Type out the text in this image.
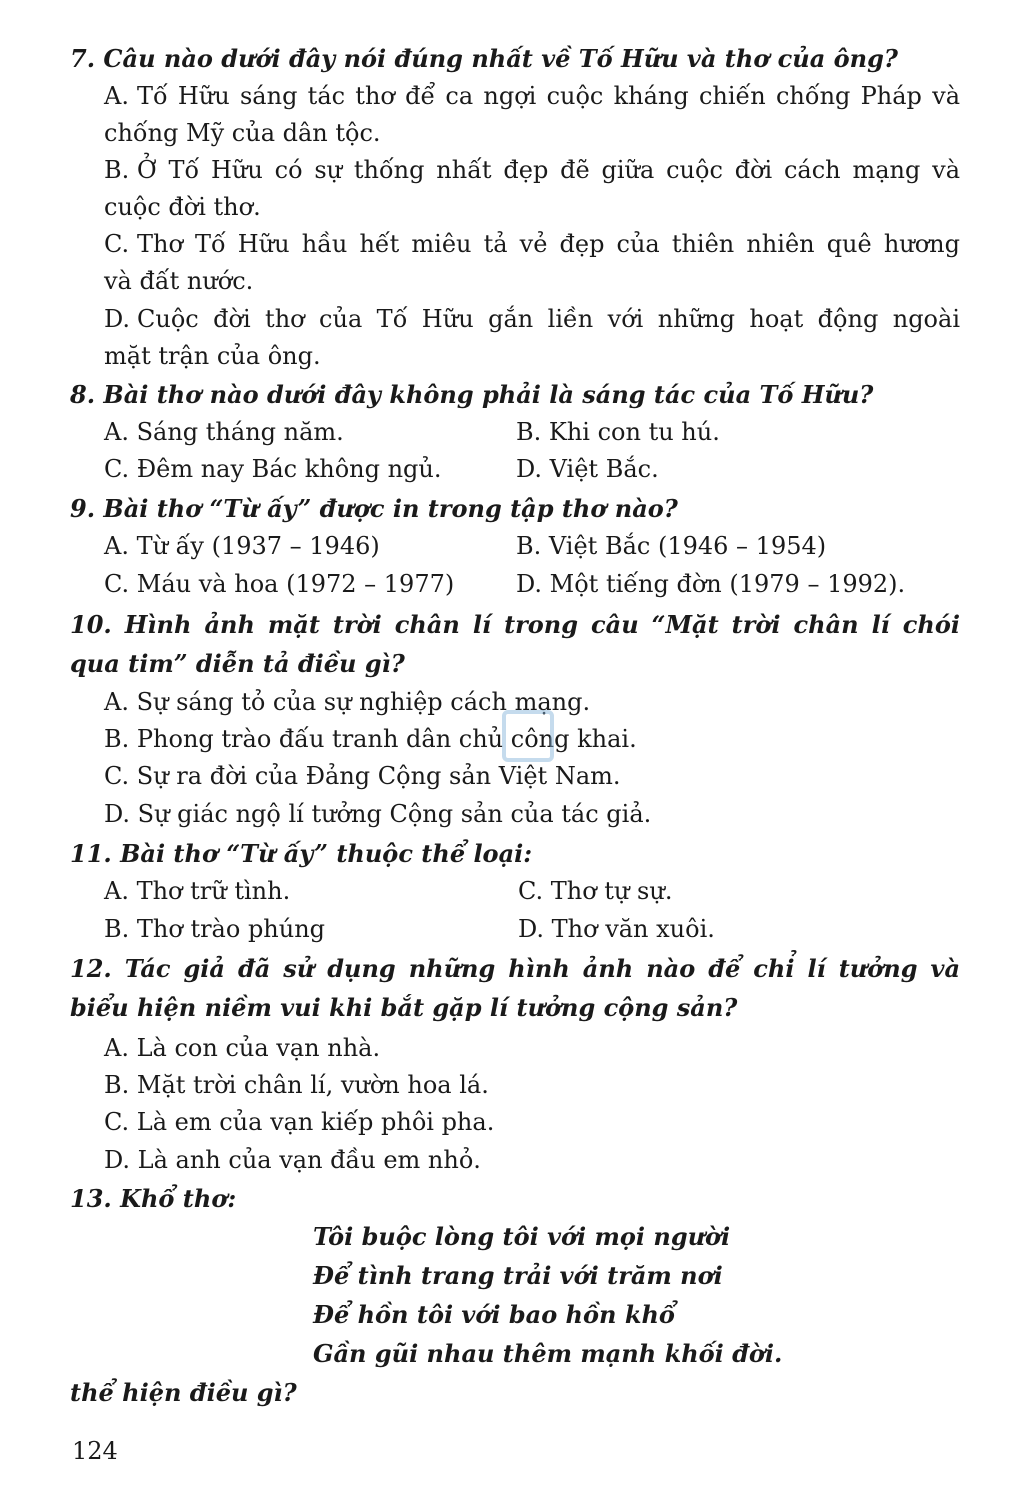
7. Câu nào dưới đây nói đúng nhất về Tố Hữu và thơ của ông?
A. Tố Hữu sáng tác thơ để ca ngợi cuộc kháng chiến chống Pháp và
chống Mỹ của dân tộc.
B. Ở Tố Hữu có sự thống nhất đẹp đẽ giữa cuộc đời cách mạng và
cuộc đời thơ.
C. Thơ Tố Hữu hầu hết miêu tả vẻ đẹp của thiên nhiên quê hương
và đất nước.
D. Cuộc đời thơ của Tố Hữu gắn liền với những hoạt động ngoài
mặt trận của ông.
8. Bài thơ nào dưới đây không phải là sáng tác của Tố Hữu?
A. Sáng tháng năm.	B. Khi con tu hú.
C. Đêm nay Bác không ngủ.	D. Việt Bắc.
9. Bài thơ “Từ ấy” được in trong tập thơ nào?
A. Từ ấy (1937 – 1946)	B. Việt Bắc (1946 – 1954)
C. Máu và hoa (1972 – 1977)	D. Một tiếng đờn (1979 – 1992).
10. Hình ảnh mặt trời chân lí trong câu “Mặt trời chân lí chói
qua tim” diễn tả điều gì?
A. Sự sáng tỏ của sự nghiệp cách mạng.
B. Phong trào đấu tranh dân chủ công khai.
C. Sự ra đời của Đảng Cộng sản Việt Nam.
D. Sự giác ngộ lí tưởng Cộng sản của tác giả.
11. Bài thơ “Từ ấy” thuộc thể loại:
A. Thơ trữ tình.	C. Thơ tự sự.
B. Thơ trào phúng	D. Thơ văn xuôi.
12. Tác giả đã sử dụng những hình ảnh nào để chỉ lí tưởng và
biểu hiện niềm vui khi bắt gặp lí tưởng cộng sản?
A. Là con của vạn nhà.
B. Mặt trời chân lí, vườn hoa lá.
C. Là em của vạn kiếp phôi pha.
D. Là anh của vạn đầu em nhỏ.
13. Khổ thơ:
Tôi buộc lòng tôi với mọi người
Để tình trang trải với trăm nơi
Để hồn tôi với bao hồn khổ
Gần gũi nhau thêm mạnh khối đời.
thể hiện điều gì?
124
